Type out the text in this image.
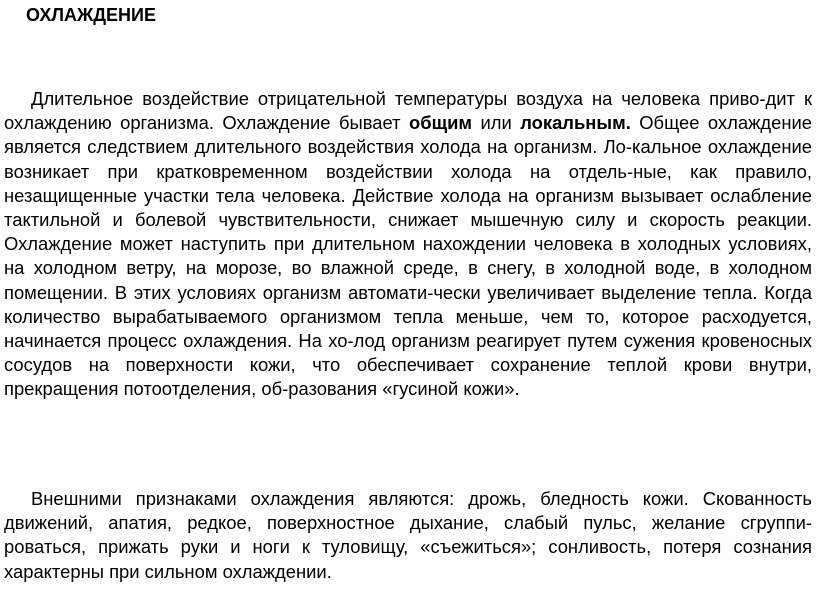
ОХЛАЖДЕНИЕ

Длительное воздействие отрицательной температуры воздуха на человека приво-дит к охлаждению организма. Охлаждение бывает общим или локальным. Общее охлаждение является следствием длительного воздействия холода на организм. Ло-кальное охлаждение возникает при кратковременном воздействии холода на отдель-ные, как правило, незащищенные участки тела человека. Действие холода на организм вызывает ослабление тактильной и болевой чувствительности, снижает мышечную силу и скорость реакции. Охлаждение может наступить при длительном нахождении человека в холодных условиях, на холодном ветру, на морозе, во влажной среде, в снегу, в холодной воде, в холодном помещении. В этих условиях организм автомати-чески увеличивает выделение тепла. Когда количество вырабатываемого организмом тепла меньше, чем то, которое расходуется, начинается процесс охлаждения. На хо-лод организм реагирует путем сужения кровеносных сосудов на поверхности кожи, что обеспечивает сохранение теплой крови внутри, прекращения потоотделения, об-разования «гусиной кожи».

Внешними признаками охлаждения являются: дрожь, бледность кожи. Скованность движений, апатия, редкое, поверхностное дыхание, слабый пульс, желание сгруппи-роваться, прижать руки и ноги к туловищу, «съежиться»; сонливость, потеря сознания характерны при сильном охлаждении.
